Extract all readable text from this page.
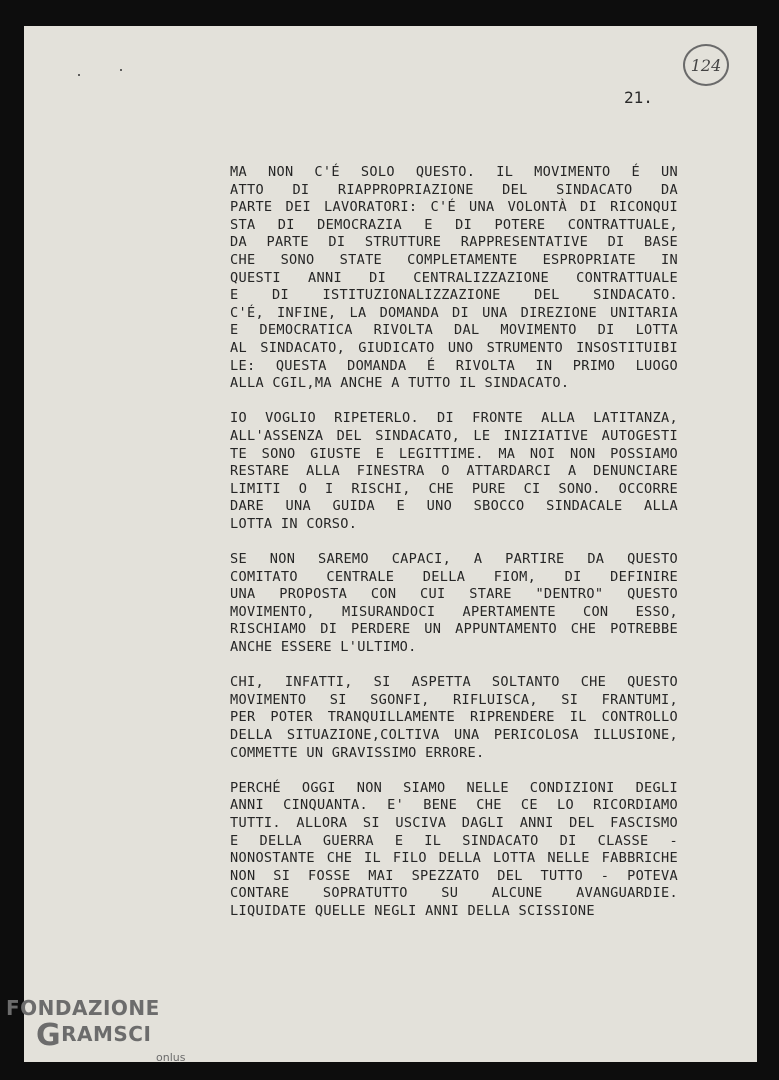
124
21.
MA NON C'É SOLO QUESTO. IL MOVIMENTO É UN
ATTO DI RIAPPROPRIAZIONE DEL SINDACATO DA
PARTE DEI LAVORATORI: C'É UNA VOLONTÀ DI RICONQUI
STA DI DEMOCRAZIA E DI POTERE CONTRATTUALE,
DA PARTE DI STRUTTURE RAPPRESENTATIVE DI BASE
CHE SONO STATE COMPLETAMENTE ESPROPRIATE IN
QUESTI ANNI DI CENTRALIZZAZIONE CONTRATTUALE
E DI ISTITUZIONALIZZAZIONE DEL SINDACATO.
C'É, INFINE, LA DOMANDA DI UNA DIREZIONE UNITARIA
E DEMOCRATICA RIVOLTA DAL MOVIMENTO DI LOTTA
AL SINDACATO, GIUDICATO UNO STRUMENTO INSOSTITUIBI
LE: QUESTA DOMANDA É RIVOLTA IN PRIMO LUOGO
ALLA CGIL,MA ANCHE A TUTTO IL SINDACATO.
IO VOGLIO RIPETERLO. DI FRONTE ALLA LATITANZA,
ALL'ASSENZA DEL SINDACATO, LE INIZIATIVE AUTOGESTI
TE SONO GIUSTE E LEGITTIME. MA NOI NON POSSIAMO
RESTARE ALLA FINESTRA O ATTARDARCI A DENUNCIARE
LIMITI O I RISCHI, CHE PURE CI SONO. OCCORRE
DARE UNA GUIDA E UNO SBOCCO SINDACALE ALLA
LOTTA IN CORSO.
SE NON SAREMO CAPACI, A PARTIRE DA QUESTO
COMITATO CENTRALE DELLA FIOM, DI DEFINIRE
UNA PROPOSTA CON CUI STARE "DENTRO" QUESTO
MOVIMENTO, MISURANDOCI APERTAMENTE CON ESSO,
RISCHIAMO DI PERDERE UN APPUNTAMENTO CHE POTREBBE
ANCHE ESSERE L'ULTIMO.
CHI, INFATTI, SI ASPETTA SOLTANTO CHE QUESTO
MOVIMENTO SI SGONFI, RIFLUISCA, SI FRANTUMI,
PER POTER TRANQUILLAMENTE RIPRENDERE IL CONTROLLO
DELLA SITUAZIONE,COLTIVA UNA PERICOLOSA ILLUSIONE,
COMMETTE UN GRAVISSIMO ERRORE.
PERCHÉ OGGI NON SIAMO NELLE CONDIZIONI DEGLI
ANNI CINQUANTA. E' BENE CHE CE LO RICORDIAMO
TUTTI. ALLORA SI USCIVA DAGLI ANNI DEL FASCISMO
E DELLA GUERRA E IL SINDACATO DI CLASSE -
NONOSTANTE CHE IL FILO DELLA LOTTA NELLE FABBRICHE
NON SI FOSSE MAI SPEZZATO DEL TUTTO - POTEVA
CONTARE SOPRATUTTO SU ALCUNE AVANGUARDIE.
LIQUIDATE QUELLE NEGLI ANNI DELLA SCISSIONE
FONDAZIONE
GRAMSCI
onlus
